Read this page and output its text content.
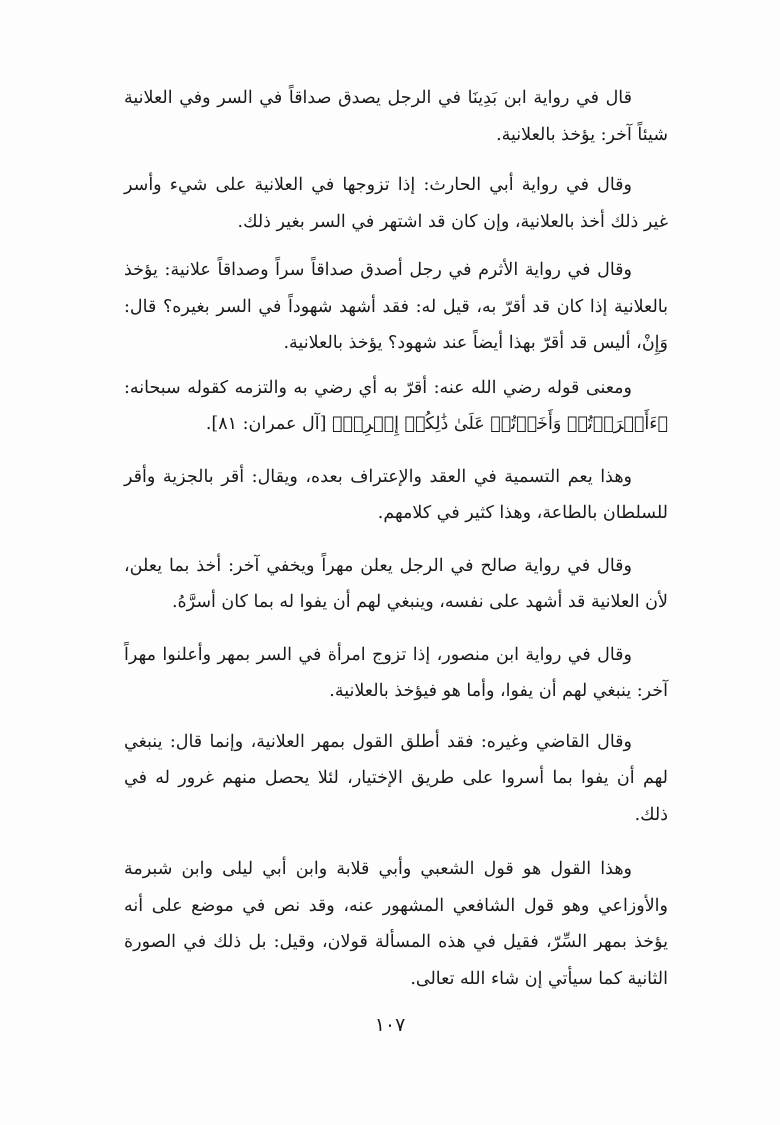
قال في رواية ابن بَدِينَا في الرجل يصدق صداقاً في السر وفي العلانية شيئاً آخر: يؤخذ بالعلانية.

وقال في رواية أبي الحارث: إذا تزوجها في العلانية على شيء وأسر غير ذلك أخذ بالعلانية، وإن كان قد اشتهر في السر بغير ذلك.

وقال في رواية الأثرم في رجل أصدق صداقاً سراً وصداقاً علانية: يؤخذ بالعلانية إذا كان قد أقرّ به، قيل له: فقد أشهد شهوداً في السر بغيره؟ قال: وَإِنْ، أليس قد أقرّ بهذا أيضاً عند شهود؟ يؤخذ بالعلانية.

ومعنى قوله رضي الله عنه: أقرّ به أي رضي به والتزمه كقوله سبحانه: ﴿ءَأَقۡرَرۡتُمۡ وَأَخَذۡتُمۡ عَلَىٰ ذَٰلِكُمۡ إِصۡرِيۖ﴾ [آل عمران: ٨١].

وهذا يعم التسمية في العقد والإعتراف بعده، ويقال: أقر بالجزية وأقر للسلطان بالطاعة، وهذا كثير في كلامهم.

وقال في رواية صالح في الرجل يعلن مهراً ويخفي آخر: أخذ بما يعلن، لأن العلانية قد أشهد على نفسه، وينبغي لهم أن يفوا له بما كان أسرَّهُ.

وقال في رواية ابن منصور، إذا تزوج امرأة في السر بمهر وأعلنوا مهراً آخر: ينبغي لهم أن يفوا، وأما هو فيؤخذ بالعلانية.

وقال القاضي وغيره: فقد أطلق القول بمهر العلانية، وإنما قال: ينبغي لهم أن يفوا بما أسروا على طريق الإختيار، لئلا يحصل منهم غرور له في ذلك.

وهذا القول هو قول الشعبي وأبي قلابة وابن أبي ليلى وابن شبرمة والأوزاعي وهو قول الشافعي المشهور عنه، وقد نص في موضع على أنه يؤخذ بمهر السِّرّ، فقيل في هذه المسألة قولان، وقيل: بل ذلك في الصورة الثانية كما سيأتي إن شاء الله تعالى.

١٠٧
